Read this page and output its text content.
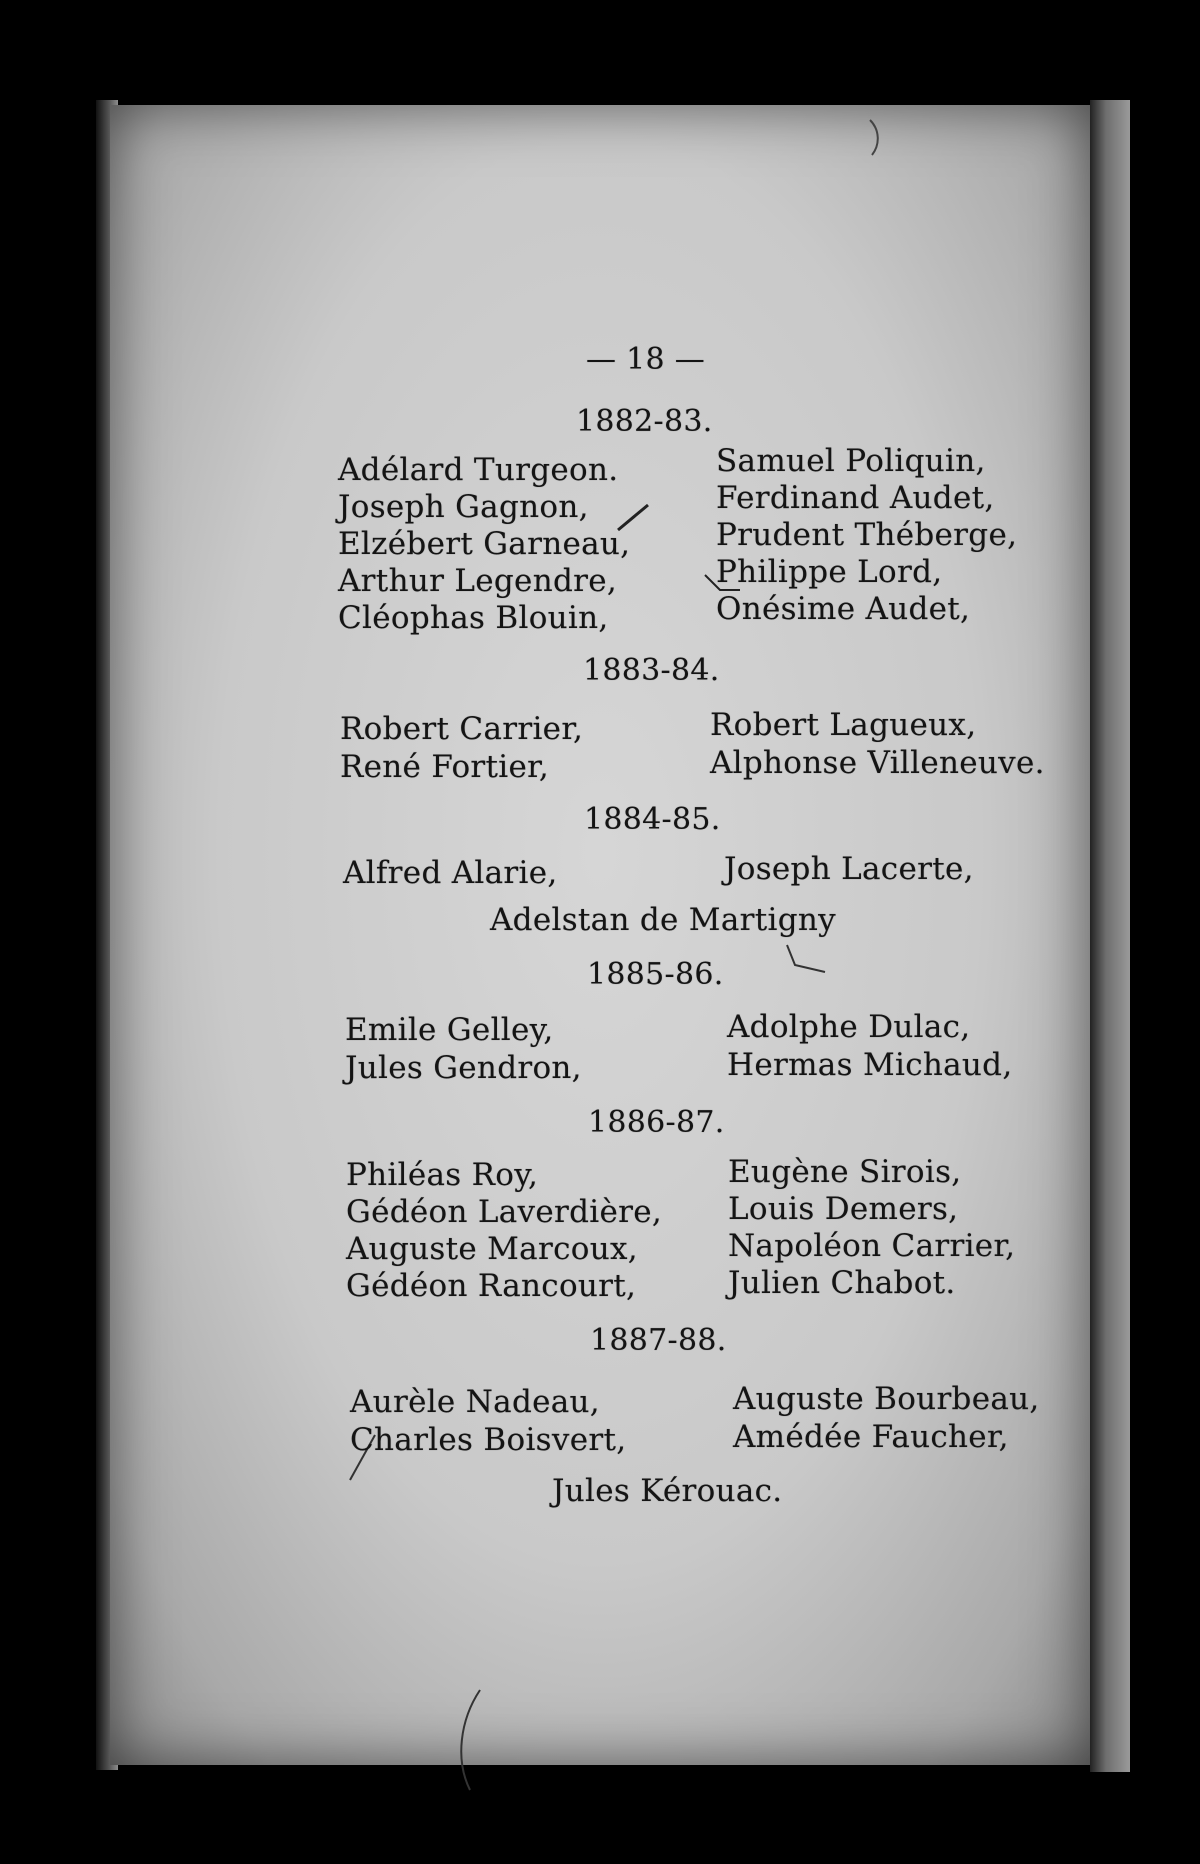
— 18 —
1882-83.
Adélard Turgeon.
Joseph Gagnon,
Elzébert Garneau,
Arthur Legendre,
Cléophas Blouin,
Samuel Poliquin,
Ferdinand Audet,
Prudent Théberge,
Philippe Lord,
Onésime Audet,
1883-84.
Robert Carrier,
René Fortier,
Robert Lagueux,
Alphonse Villeneuve.
1884-85.
Alfred Alarie,	Joseph Lacerte,
Adelstan de Martigny
1885-86.
Emile Gelley,
Jules Gendron,
Adolphe Dulac,
Hermas Michaud,
1886-87.
Philéas Roy,
Gédéon Laverdière,
Auguste Marcoux,
Gédéon Rancourt,
Eugène Sirois,
Louis Demers,
Napoléon Carrier,
Julien Chabot.
1887-88.
Aurèle Nadeau,
Charles Boisvert,
Auguste Bourbeau,
Amédée Faucher,
Jules Kérouac.
